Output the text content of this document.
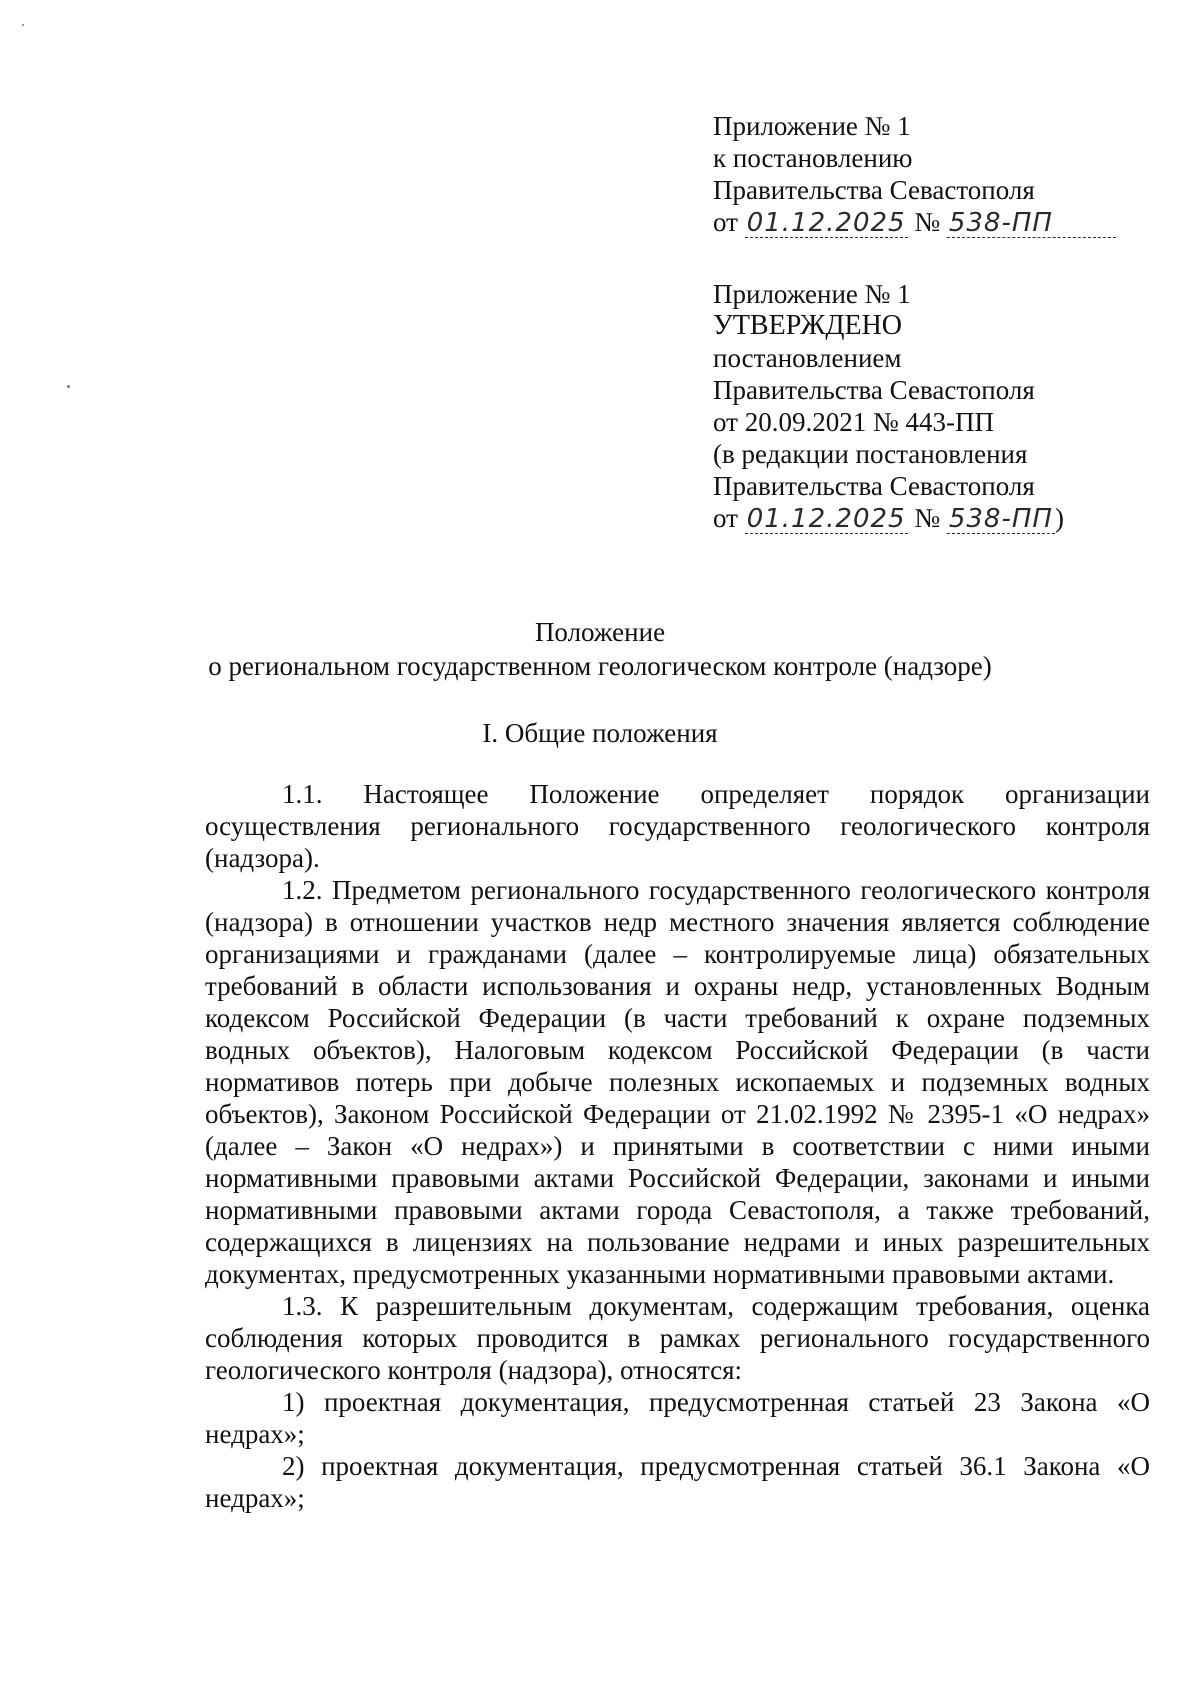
Приложение № 1
к постановлению
Правительства Севастополя
от 01.12.2025 № 538-ПП
Приложение № 1
УТВЕРЖДЕНО
постановлением
Правительства Севастополя
от 20.09.2021 № 443-ПП
(в редакции постановления
Правительства Севастополя
от 01.12.2025 № 538-ПП)
Положение
о региональном государственном геологическом контроле (надзоре)
I. Общие положения

1.1. Настоящее Положение определяет порядок организации осуществления регионального государственного геологического контроля (надзора).

1.2. Предметом регионального государственного геологического контроля (надзора) в отношении участков недр местного значения является соблюдение организациями и гражданами (далее – контролируемые лица) обязательных требований в области использования и охраны недр, установленных Водным кодексом Российской Федерации (в части требований к охране подземных водных объектов), Налоговым кодексом Российской Федерации (в части нормативов потерь при добыче полезных ископаемых и подземных водных объектов), Законом Российской Федерации от 21.02.1992 № 2395-1 «О недрах» (далее – Закон «О недрах») и принятыми в соответствии с ними иными нормативными правовыми актами Российской Федерации, законами и иными нормативными правовыми актами города Севастополя, а также требований, содержащихся в лицензиях на пользование недрами и иных разрешительных документах, предусмотренных указанными нормативными правовыми актами.

1.3. К разрешительным документам, содержащим требования, оценка соблюдения которых проводится в рамках регионального государственного геологического контроля (надзора), относятся:

1) проектная документация, предусмотренная статьей 23 Закона «О недрах»;

2) проектная документация, предусмотренная статьей 36.1 Закона «О недрах»;
